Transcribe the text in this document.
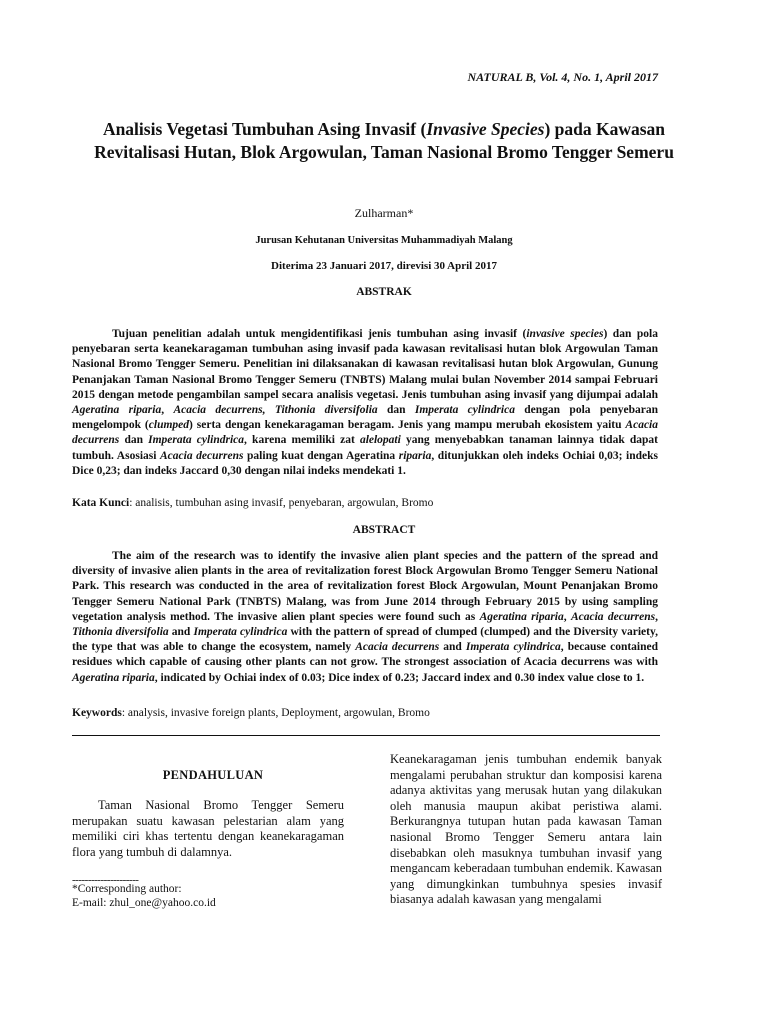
NATURAL B, Vol. 4, No. 1, April 2017
Analisis Vegetasi Tumbuhan Asing Invasif (Invasive Species) pada Kawasan Revitalisasi Hutan, Blok Argowulan, Taman Nasional Bromo Tengger Semeru
Zulharman*
Jurusan Kehutanan Universitas Muhammadiyah Malang
Diterima 23 Januari 2017, direvisi 30 April 2017
ABSTRAK
Tujuan penelitian adalah untuk mengidentifikasi jenis tumbuhan asing invasif (invasive species) dan pola penyebaran serta keanekaragaman tumbuhan asing invasif pada kawasan revitalisasi hutan blok Argowulan Taman Nasional Bromo Tengger Semeru. Penelitian ini dilaksanakan di kawasan revitalisasi hutan blok Argowulan, Gunung Penanjakan Taman Nasional Bromo Tengger Semeru (TNBTS) Malang mulai bulan November 2014 sampai Februari 2015 dengan metode pengambilan sampel secara analisis vegetasi. Jenis tumbuhan asing invasif yang dijumpai adalah Ageratina riparia, Acacia decurrens, Tithonia diversifolia dan Imperata cylindrica dengan pola penyebaran mengelompok (clumped) serta dengan kenekaragaman beragam. Jenis yang mampu merubah ekosistem yaitu Acacia decurrens dan Imperata cylindrica, karena memiliki zat alelopati yang menyebabkan tanaman lainnya tidak dapat tumbuh. Asosiasi Acacia decurrens paling kuat dengan Ageratina riparia, ditunjukkan oleh indeks Ochiai 0,03; indeks Dice 0,23; dan indeks Jaccard 0,30 dengan nilai indeks mendekati 1.
Kata Kunci: analisis, tumbuhan asing invasif, penyebaran, argowulan, Bromo
ABSTRACT
The aim of the research was to identify the invasive alien plant species and the pattern of the spread and diversity of invasive alien plants in the area of revitalization forest Block Argowulan Bromo Tengger Semeru National Park. This research was conducted in the area of revitalization forest Block Argowulan, Mount Penanjakan Bromo Tengger Semeru National Park (TNBTS) Malang, was from June 2014 through February 2015 by using sampling vegetation analysis method. The invasive alien plant species were found such as Ageratina riparia, Acacia decurrens, Tithonia diversifolia and Imperata cylindrica with the pattern of spread of clumped (clumped) and the Diversity variety, the type that was able to change the ecosystem, namely Acacia decurrens and Imperata cylindrica, because contained residues which capable of causing other plants can not grow. The strongest association of Acacia decurrens was with Ageratina riparia, indicated by Ochiai index of 0.03; Dice index of 0.23; Jaccard index and 0.30 index value close to 1.
Keywords: analysis, invasive foreign plants, Deployment, argowulan, Bromo
PENDAHULUAN
Taman Nasional Bromo Tengger Semeru merupakan suatu kawasan pelestarian alam yang memiliki ciri khas tertentu dengan keanekaragaman flora yang tumbuh di dalamnya.
---------------------
*Corresponding author:
E-mail: zhul_one@yahoo.co.id
Keanekaragaman jenis tumbuhan endemik banyak mengalami perubahan struktur dan komposisi karena adanya aktivitas yang merusak hutan yang dilakukan oleh manusia maupun akibat peristiwa alami. Berkurangnya tutupan hutan pada kawasan Taman nasional Bromo Tengger Semeru antara lain disebabkan oleh masuknya tumbuhan invasif yang mengancam keberadaan tumbuhan endemik. Kawasan yang dimungkinkan tumbuhnya spesies invasif biasanya adalah kawasan yang mengalami
